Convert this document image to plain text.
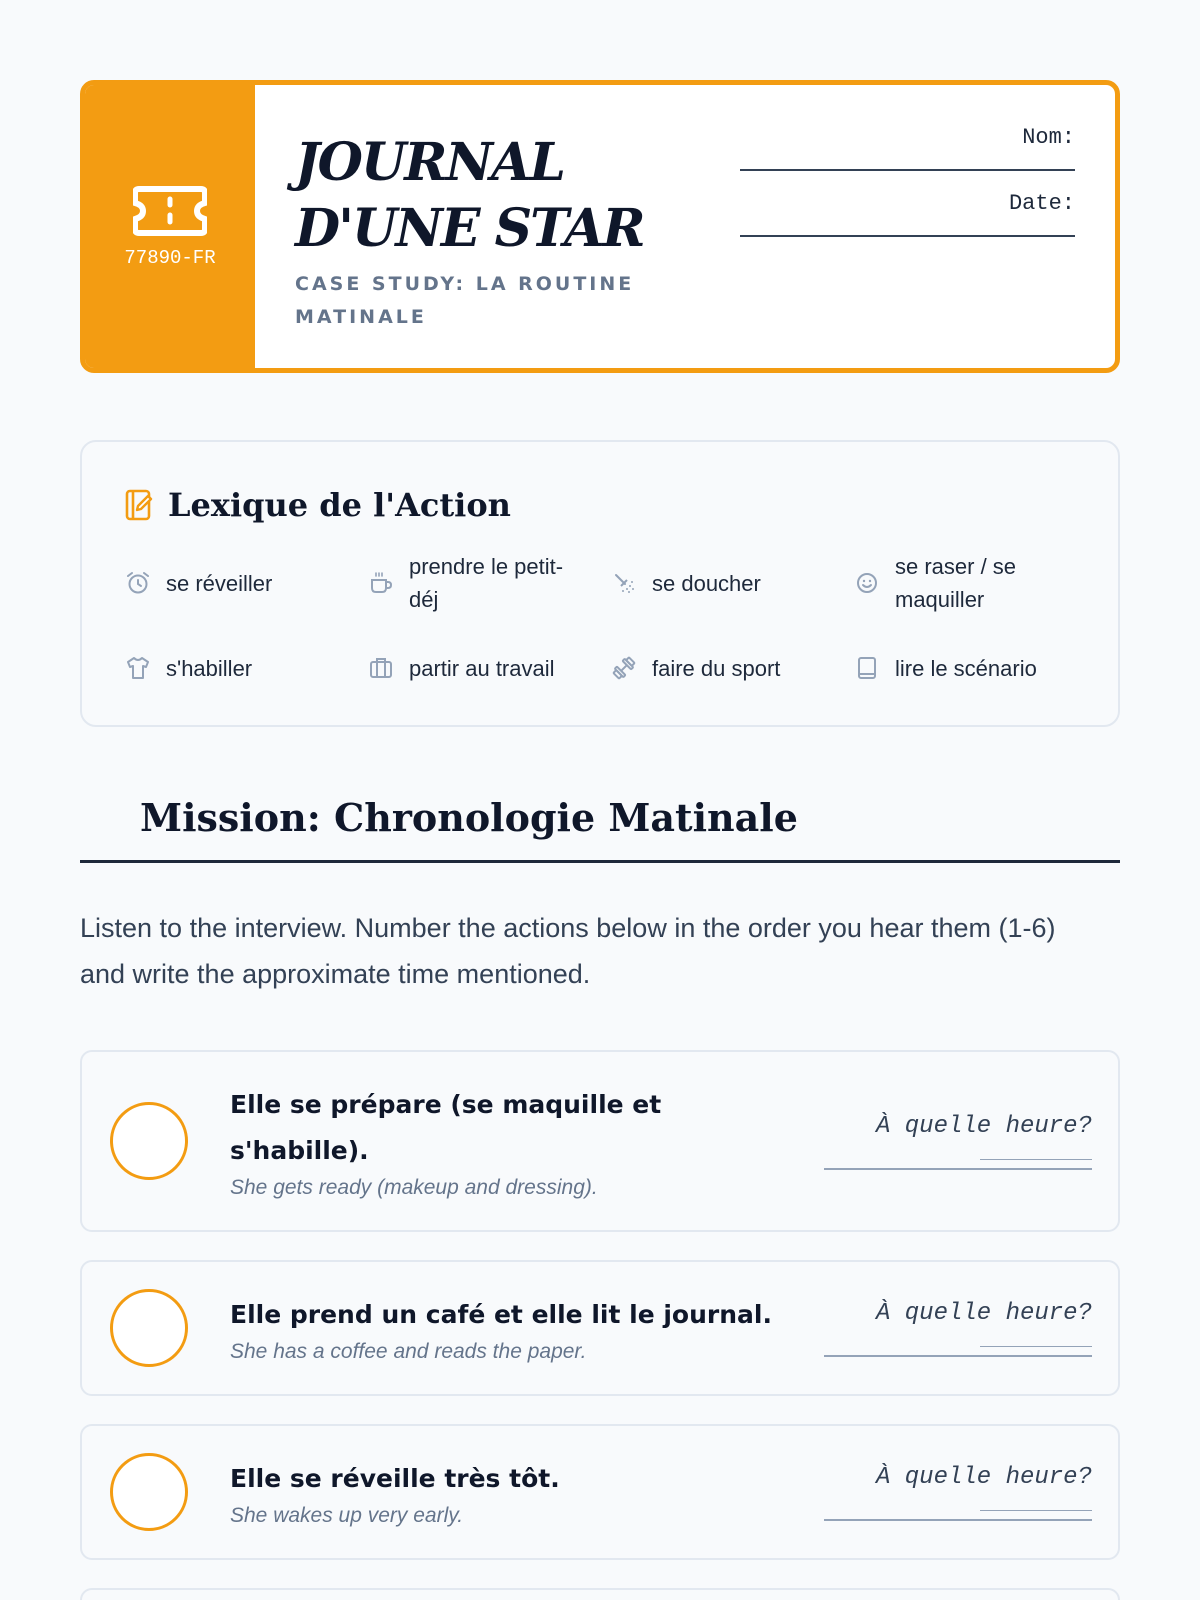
77890-FR
JOURNAL
D'UNE STAR
CASE STUDY: LA ROUTINE MATINALE
Nom:
Date:
Lexique de l'Action
se réveiller
prendre le petit-déj
se doucher
se raser / se maquiller
s'habiller	partir au travail	faire du sport	lire le scénario
Mission: Chronologie Matinale
Listen to the interview. Number the actions below in the order you hear them (1-6) and write the approximate time mentioned.
Elle se prépare (se maquille et s'habille).
She gets ready (makeup and dressing).
À quelle heure?
Elle prend un café et elle lit le journal.
She has a coffee and reads the paper.
À quelle heure?
Elle se réveille très tôt.
She wakes up very early.
À quelle heure?
